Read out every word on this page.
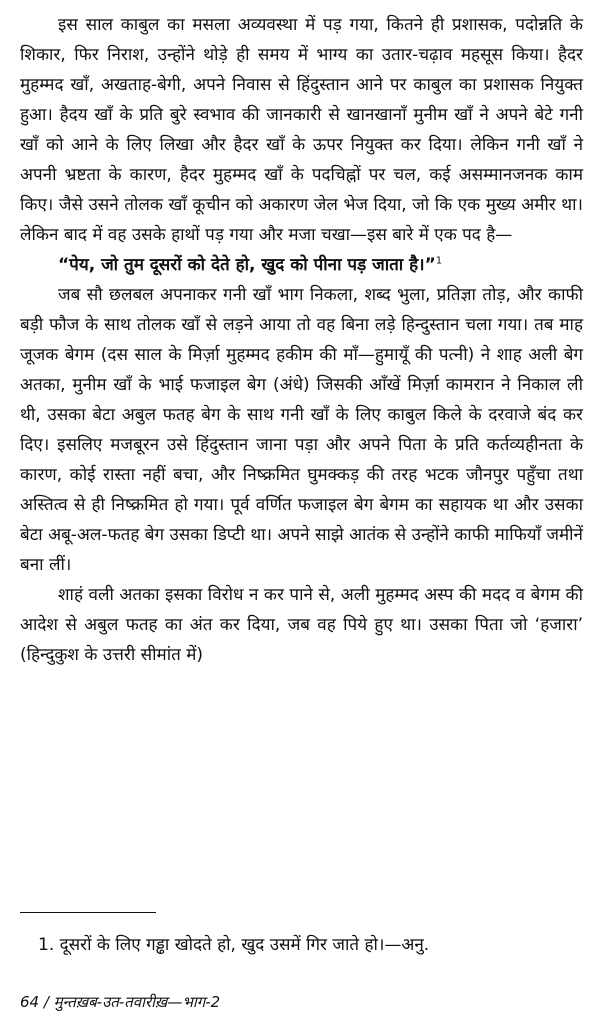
इस साल काबुल का मसला अव्यवस्था में पड़ गया, कितने ही प्रशासक, पदोन्नति के शिकार, फिर निराश, उन्होंने थोड़े ही समय में भाग्य का उतार-चढ़ाव महसूस किया। हैदर मुहम्मद खाँ, अखताह-बेगी, अपने निवास से हिंदुस्तान आने पर काबुल का प्रशासक नियुक्त हुआ। हैदय खाँ के प्रति बुरे स्वभाव की जानकारी से खानखानाँ मुनीम खाँ ने अपने बेटे गनी खाँ को आने के लिए लिखा और हैदर खाँ के ऊपर नियुक्त कर दिया। लेकिन गनी खाँ ने अपनी भ्रष्टता के कारण, हैदर मुहम्मद खाँ के पदचिह्नों पर चल, कई असम्मानजनक काम किए। जैसे उसने तोलक खाँ कूचीन को अकारण जेल भेज दिया, जो कि एक मुख्य अमीर था। लेकिन बाद में वह उसके हाथों पड़ गया और मजा चखा—इस बारे में एक पद है—

“पेय, जो तुम दूसरों को देते हो, खुद को पीना पड़ जाता है।”$^1$

जब सौ छलबल अपनाकर गनी खाँ भाग निकला, शब्द भुला, प्रतिज्ञा तोड़, और काफी बड़ी फौज के साथ तोलक खाँ से लड़ने आया तो वह बिना लड़े हिन्दुस्तान चला गया। तब माह जूजक बेगम (दस साल के मिर्ज़ा मुहम्मद हकीम की माँ—हुमायूँ की पत्नी) ने शाह अली बेग अतका, मुनीम खाँ के भाई फजाइल बेग (अंधे) जिसकी आँखें मिर्ज़ा कामरान ने निकाल ली थी, उसका बेटा अबुल फतह बेग के साथ गनी खाँ के लिए काबुल किले के दरवाजे बंद कर दिए। इसलिए मजबूरन उसे हिंदुस्तान जाना पड़ा और अपने पिता के प्रति कर्तव्यहीनता के कारण, कोई रास्ता नहीं बचा, और निष्क्रमित घुमक्कड़ की तरह भटक जौनपुर पहुँचा तथा अस्तित्व से ही निष्क्रमित हो गया। पूर्व वर्णित फजाइल बेग बेगम का सहायक था और उसका बेटा अबू-अल-फतह बेग उसका डिप्टी था। अपने साझे आतंक से उन्होंने काफी माफियाँ जमीनें बना लीं।

शाहं वली अतका इसका विरोध न कर पाने से, अली मुहम्मद अस्प की मदद व बेगम की आदेश से अबुल फतह का अंत कर दिया, जब वह पिये हुए था। उसका पिता जो ‘हजारा’ (हिन्दुकुश के उत्तरी सीमांत में)

1. दूसरों के लिए गड्ढा खोदते हो, खुद उसमें गिर जाते हो।—अनु.

64 / मुन्तख़ब-उत-तवारीख़—भाग-2
